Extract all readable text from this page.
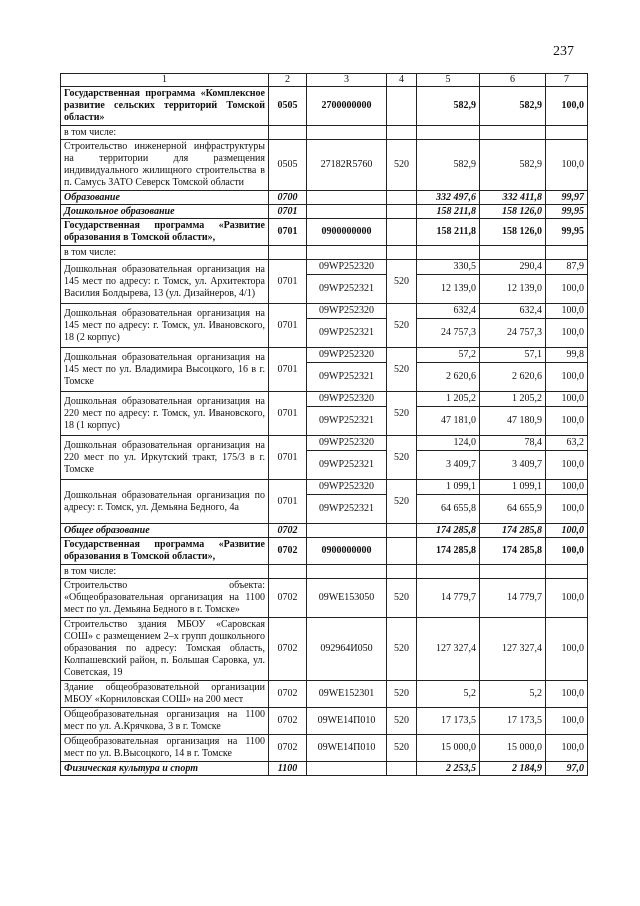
237
1	2	3	4	5	6	7
Государственная программа «Комплексное развитие сельских территорий Томской области»	0505	2700000000		582,9	582,9	100,0
в том числе:						
Строительство инженерной инфраструктуры на территории для размещения индивидуального жилищного строительства в п. Самусь ЗАТО Северск Томской области	0505	27182R5760	520	582,9	582,9	100,0
Образование	0700			332 497,6	332 411,8	99,97
Дошкольное образование	0701			158 211,8	158 126,0	99,95
Государственная программа «Развитие образования в Томской области»,	0701	0900000000		158 211,8	158 126,0	99,95
в том числе:						
Дошкольная образовательная организация на 145 мест по адресу: г. Томск, ул. Архитектора Василия Болдырева, 13 (ул. Дизайнеров, 4/1)	0701	09WP252320	520	330,5	290,4	87,9
		09WP252321		12 139,0	12 139,0	100,0
Дошкольная образовательная организация на 145 мест по адресу: г. Томск, ул. Ивановского, 18 (2 корпус)	0701	09WP252320	520	632,4	632,4	100,0
		09WP252321		24 757,3	24 757,3	100,0
Дошкольная образовательная организация на 145 мест по ул. Владимира Высоцкого, 16 в г. Томске	0701	09WP252320	520	57,2	57,1	99,8
		09WP252321		2 620,6	2 620,6	100,0
Дошкольная образовательная организация на 220 мест по адресу: г. Томск, ул. Ивановского, 18 (1 корпус)	0701	09WP252320	520	1 205,2	1 205,2	100,0
		09WP252321		47 181,0	47 180,9	100,0
Дошкольная образовательная организация на 220 мест по ул. Иркутский тракт, 175/3 в г. Томске	0701	09WP252320	520	124,0	78,4	63,2
		09WP252321		3 409,7	3 409,7	100,0
Дошкольная образовательная организация по адресу: г. Томск, ул. Демьяна Бедного, 4а	0701	09WP252320	520	1 099,1	1 099,1	100,0
		09WP252321		64 655,8	64 655,9	100,0
Общее образование	0702			174 285,8	174 285,8	100,0
Государственная программа «Развитие образования в Томской области»,	0702	0900000000		174 285,8	174 285,8	100,0
в том числе:						
Строительство объекта: «Общеобразовательная организация на 1100 мест по ул. Демьяна Бедного в г. Томске»	0702	09WE153050	520	14 779,7	14 779,7	100,0
Строительство здания МБОУ «Саровская СОШ» с размещением 2–х групп дошкольного образования по адресу: Томская область, Колпашевский район, п. Большая Саровка, ул. Советская, 19	0702	092964И050	520	127 327,4	127 327,4	100,0
Здание общеобразовательной организации МБОУ «Корниловская СОШ» на 200 мест	0702	09WE152301	520	5,2	5,2	100,0
Общеобразовательная организация на 1100 мест по ул. А.Крячкова, 3 в г. Томске	0702	09WE14П010	520	17 173,5	17 173,5	100,0
Общеобразовательная организация на 1100 мест по ул. В.Высоцкого, 14 в г. Томске	0702	09WE14П010	520	15 000,0	15 000,0	100,0
Физическая культура и спорт	1100			2 253,5	2 184,9	97,0
